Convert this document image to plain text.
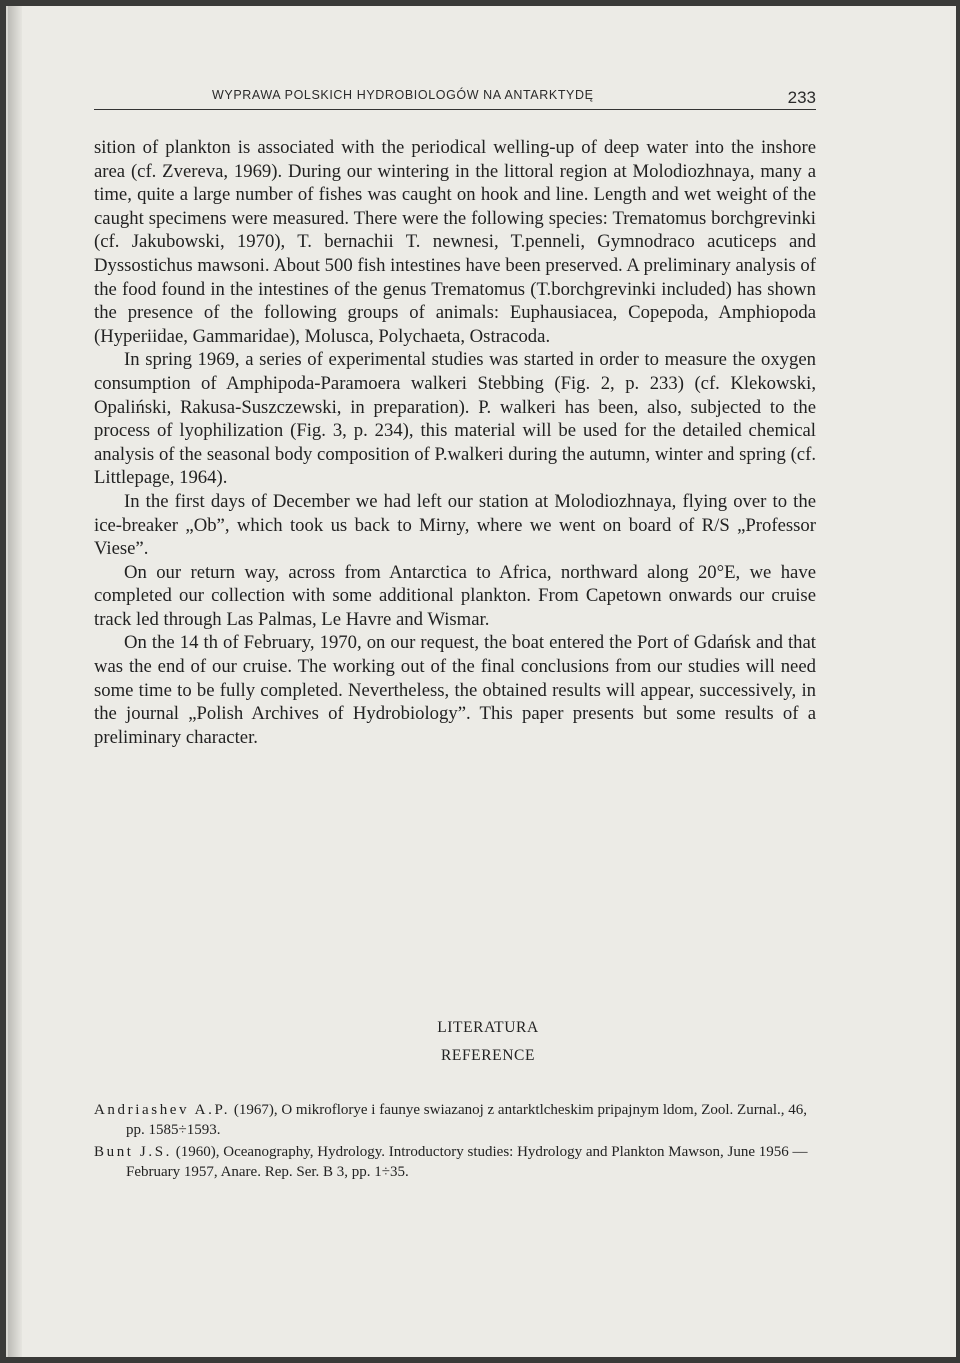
WYPRAWA POLSKICH HYDROBIOLOGÓW NA ANTARKTYDĘ	233

sition of plankton is associated with the periodical welling-up of deep water into the inshore area (cf. Zvereva, 1969). During our wintering in the littoral region at Molodiozhnaya, many a time, quite a large number of fishes was caught on hook and line. Length and wet weight of the caught specimens were measured. There were the following species: Trematomus borchgrevinki (cf. Jakubowski, 1970), T. bernachii T. newnesi, T.penneli, Gymnodraco acuticeps and Dyssostichus mawsoni. About 500 fish intestines have been preserved. A preliminary analysis of the food found in the intestines of the genus Trematomus (T.borchgrevinki included) has shown the presence of the following groups of animals: Euphausiacea, Copepoda, Amphiopoda (Hyperiidae, Gammaridae), Molusca, Polychaeta, Ostracoda.

In spring 1969, a series of experimental studies was started in order to measure the oxygen consumption of Amphipoda-Paramoera walkeri Stebbing (Fig. 2, p. 233) (cf. Klekowski, Opaliński, Rakusa-Suszczewski, in preparation). P. walkeri has been, also, subjected to the process of lyophilization (Fig. 3, p. 234), this material will be used for the detailed chemical analysis of the seasonal body composition of P.walkeri during the autumn, winter and spring (cf. Littlepage, 1964).

In the first days of December we had left our station at Molodiozhnaya, flying over to the ice-breaker „Ob”, which took us back to Mirny, where we went on board of R/S „Professor Viese”.

On our return way, across from Antarctica to Africa, northward along 20°E, we have completed our collection with some additional plankton. From Capetown onwards our cruise track led through Las Palmas, Le Havre and Wismar.

On the 14 th of February, 1970, on our request, the boat entered the Port of Gdańsk and that was the end of our cruise. The working out of the final conclusions from our studies will need some time to be fully completed. Nevertheless, the obtained results will appear, successively, in the journal „Polish Archives of Hydrobiology”. This paper presents but some results of a preliminary character.

LITERATURA
REFERENCE

Andriashev A.P. (1967), O mikrofloryе i faunye swiazanoj z antarktlcheskim pripajnym ldom, Zool. Zurnal., 46, pp. 1585÷1593.

Bunt J.S. (1960), Oceanography, Hydrology. Introductory studies: Hydrology and Plankton Mawson, June 1956 — February 1957, Anare. Rep. Ser. B 3, pp. 1÷35.
